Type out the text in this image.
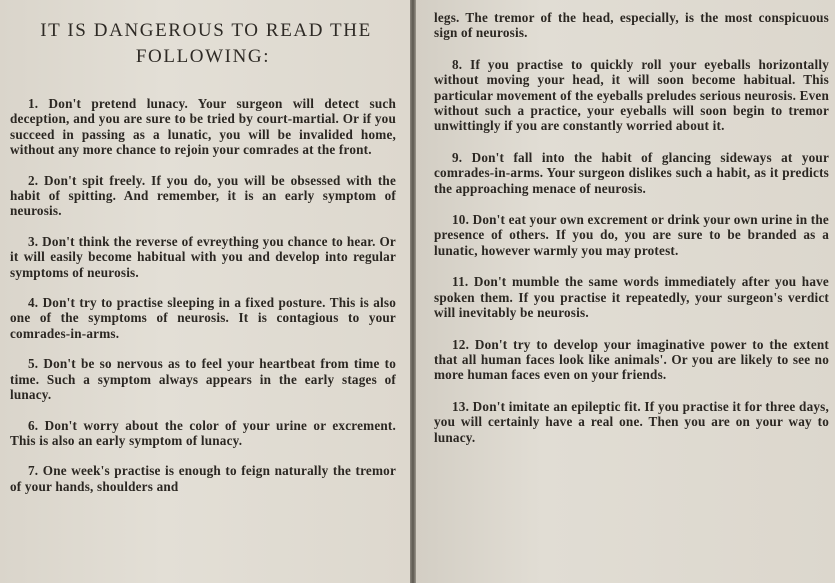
IT IS DANGEROUS TO READ THE
FOLLOWING:

1. Don't pretend lunacy. Your surgeon will detect such deception, and you are sure to be tried by court-martial. Or if you succeed in passing as a lunatic, you will be invalided home, without any more chance to rejoin your comrades at the front.

2. Don't spit freely. If you do, you will be obsessed with the habit of spitting. And remember, it is an early symptom of neurosis.

3. Don't think the reverse of evreything you chance to hear. Or it will easily become habitual with you and develop into regular symptoms of neurosis.

4. Don't try to practise sleeping in a fixed posture. This is also one of the symptoms of neurosis. It is contagious to your comrades-in-arms.

5. Don't be so nervous as to feel your heartbeat from time to time. Such a symptom always appears in the early stages of lunacy.

6. Don't worry about the color of your urine or excrement. This is also an early symptom of lunacy.

7. One week's practise is enough to feign naturally the tremor of your hands, shoulders and

legs. The tremor of the head, especially, is the most conspicuous sign of neurosis.

8. If you practise to quickly roll your eyeballs horizontally without moving your head, it will soon become habitual. This particular movement of the eyeballs preludes serious neurosis. Even without such a practice, your eyeballs will soon begin to tremor unwittingly if you are constantly worried about it.

9. Don't fall into the habit of glancing sideways at your comrades-in-arms. Your surgeon dislikes such a habit, as it predicts the approaching menace of neurosis.

10. Don't eat your own excrement or drink your own urine in the presence of others. If you do, you are sure to be branded as a lunatic, however warmly you may protest.

11. Don't mumble the same words immediately after you have spoken them. If you practise it repeatedly, your surgeon's verdict will inevitably be neurosis.

12. Don't try to develop your imaginative power to the extent that all human faces look like animals'. Or you are likely to see no more human faces even on your friends.

13. Don't imitate an epileptic fit. If you practise it for three days, you will certainly have a real one. Then you are on your way to lunacy.
